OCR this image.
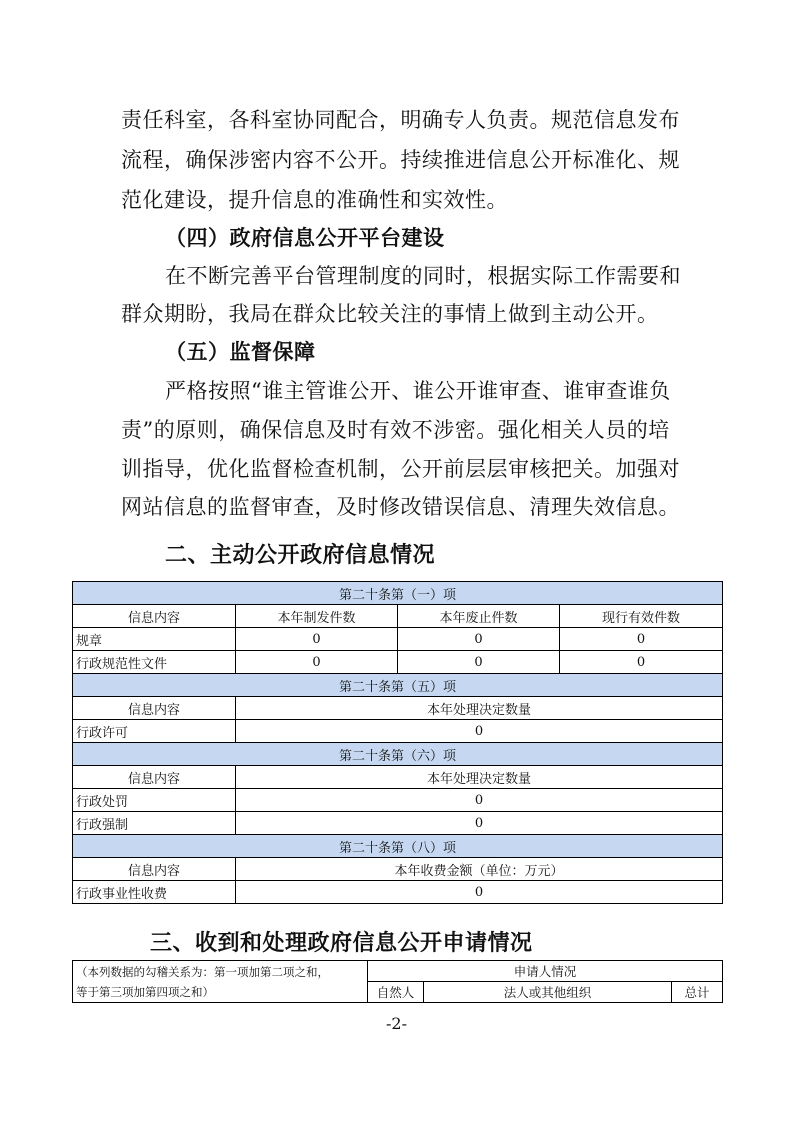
责任科室，各科室协同配合，明确专人负责。规范信息发布
流程，确保涉密内容不公开。持续推进信息公开标准化、规
范化建设，提升信息的准确性和实效性。
（四）政府信息公开平台建设
在不断完善平台管理制度的同时，根据实际工作需要和
群众期盼，我局在群众比较关注的事情上做到主动公开。
（五）监督保障
严格按照“谁主管谁公开、谁公开谁审查、谁审查谁负
责”的原则，确保信息及时有效不涉密。强化相关人员的培
训指导，优化监督检查机制，公开前层层审核把关。加强对
网站信息的监督审查，及时修改错误信息、清理失效信息。
二、主动公开政府信息情况
第二十条第（一）项			
信息内容	本年制发件数	本年废止件数	现行有效件数
规章	0	0	0
行政规范性文件	0	0	0
第二十条第（五）项			
信息内容	本年处理决定数量		
行政许可	0		
第二十条第（六）项			
信息内容	本年处理决定数量		
行政处罚	0		
行政强制	0		
第二十条第（八）项			
信息内容	本年收费金额（单位：万元）		
行政事业性收费	0		
三、收到和处理政府信息公开申请情况
（本列数据的勾稽关系为：第一项加第二项之和，
等于第三项加第四项之和）	申请人情况		
	自然人	法人或其他组织	总计
-2-
